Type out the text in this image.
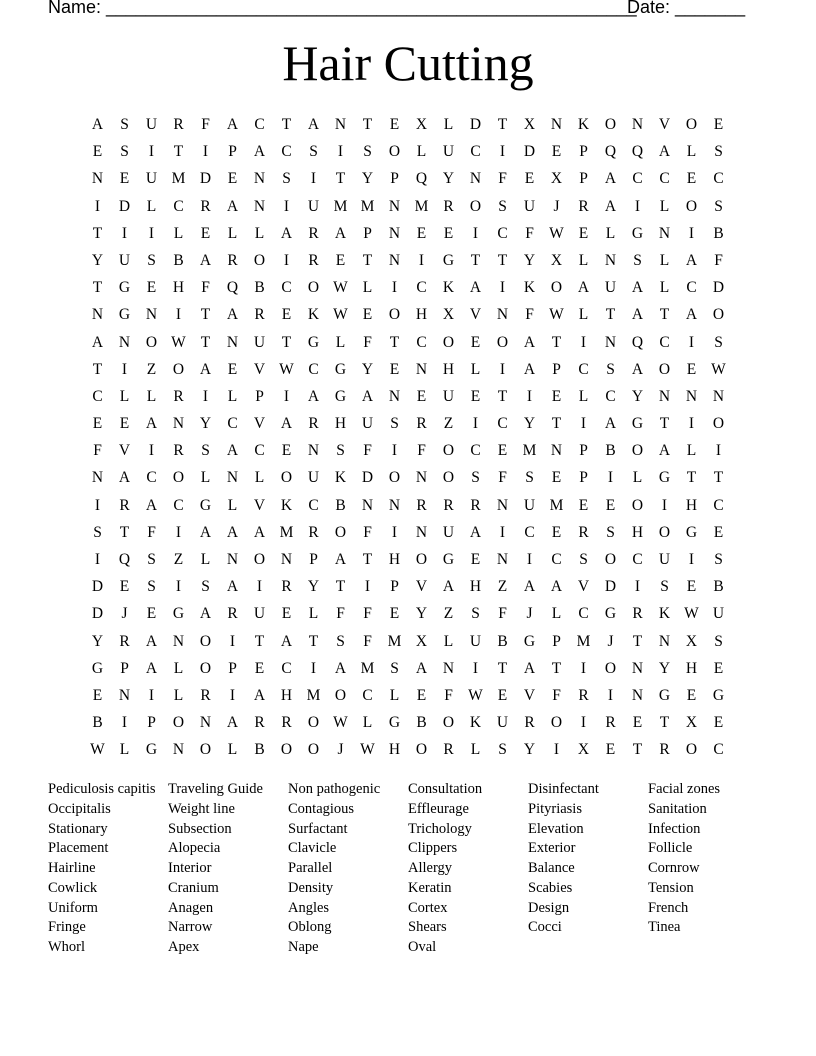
Name: _____________________________________________________
Date: _______
Hair Cutting
A	S	U	R	F	A	C	T	A	N	T	E	X	L	D	T	X	N	K	O	N	V	O	E
E	S	I	T	I	P	A	C	S	I	S	O	L	U	C	I	D	E	P	Q	Q	A	L	S
N	E	U M D	E	N	S	I	T	Y	P	Q	Y	N	F	E	X	P	A	C	C	E	C
I	D	L	C	R	A	N	I	U M M N M R	O	S	U	J	R	A	I	L	O	S
T	I	I	L	E	L	L	A	R	A	P	N	E	E	I	C	F W E	L	G	N	I	B
Y	U	S	B	A	R	O	I	R	E	T	N	I	G	T	T	Y	X	L	N	S	L	A	F
T	G	E	H	F	Q	B	C	O W L	I	C	K	A	I	K	O	A	U	A	L	C	D
N	G	N	I	T	A	R	E	K W E	O	H	X	V	N	F W L	T	A	T	A	O
A	N	O W T	N	U	T	G	L	F	T	C	O	E	O	A	T	I	N	Q	C	I	S
T	I	Z	O	A	E	V W C	G	Y	E	N	H	L	I	A	P	C	S	A	O	E W
C	L	L	R	I	L	P	I	A	G	A	N	E	U	E	T	I	E	L	C	Y	N	N	N
E	E	A	N	Y	C	V	A	R	H	U	S	R	Z	I	C	Y	T	I	A	G	T	I	O
F	V	I	R	S	A	C	E	N	S	F	I	F	O	C	E M N	P	B	O	A	L	I
N	A	C	O	L	N	L	O	U	K	D	O	N	O	S	F	S	E	P	I	L	G	T	T
I	R	A	C	G	L	V	K	C	B	N	N	R	R	R	N	U M E	E	O	I	H	C
S	T	F	I	A	A	A M R	O	F	I	N	U	A	I	C	E	R	S	H	O	G	E
I	Q	S	Z	L	N	O	N	P	A	T	H	O	G	E	N	I	C	S	O	C	U	I	S
D	E	S	I	S	A	I	R	Y	T	I	P	V	A	H	Z	A	A	V	D	I	S	E	B
D	J	E	G	A	R	U	E	L	F	F	E	Y	Z	S	F	J	L	C	G	R	K W U
Y	R	A	N	O	I	T	A	T	S	F	M X	L	U	B	G	P	M	J	T	N	X	S
G	P	A	L	O	P	E	C	I	A M	S	A	N	I	T	A	T	I	O	N	Y	H	E
E	N	I	L	R	I	A	H M O	C	L	E	F W E	V	F	R	I	N	G	E	G
B	I	P	O	N	A	R	R	O W L	G	B	O	K	U	R	O	I	R	E	T	X	E
W L	G	N	O	L	B	O	O	J	W H	O	R	L	S	Y	I	X	E	T	R	O	C
Pediculosis capitis
Occipitalis
Stationary
Placement
Hairline
Cowlick
Uniform
Fringe
Whorl
Traveling Guide
Weight line
Subsection
Alopecia
Interior
Cranium
Anagen
Narrow
Apex
Non pathogenic
Contagious
Surfactant
Clavicle
Parallel
Density
Angles
Oblong
Nape
Consultation
Effleurage
Trichology
Clippers
Allergy
Keratin
Cortex
Shears
Oval
Disinfectant
Pityriasis
Elevation
Exterior
Balance
Scabies
Design
Cocci
Facial zones
Sanitation
Infection
Follicle
Cornrow
Tension
French
Tinea
